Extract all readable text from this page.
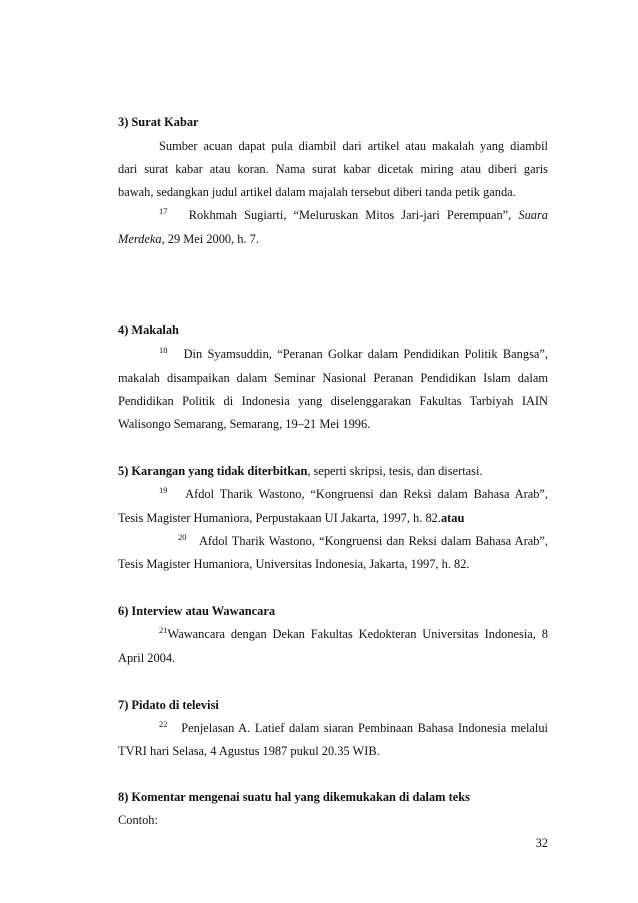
3) Surat Kabar
Sumber acuan dapat pula diambil dari artikel atau makalah yang diambil
dari surat kabar atau koran. Nama surat kabar dicetak miring atau diberi garis
bawah, sedangkan judul artikel dalam majalah tersebut diberi tanda petik ganda.
$^{17}$ Rokhmah Sugiarti, “Meluruskan Mitos Jari-jari Perempuan”, Suara
Merdeka, 29 Mei 2000, h. 7.
4) Makalah
$^{18}$ Din Syamsuddin, “Peranan Golkar dalam Pendidikan Politik Bangsa”,
makalah disampaikan dalam Seminar Nasional Peranan Pendidikan Islam dalam
Pendidikan Politik di Indonesia yang diselenggarakan Fakultas Tarbiyah IAIN
Walisongo Semarang, Semarang, 19–21 Mei 1996.
5) Karangan yang tidak diterbitkan, seperti skripsi, tesis, dan disertasi.
$^{19}$ Afdol Tharik Wastono, “Kongruensi dan Reksi dalam Bahasa Arab”,
Tesis Magister Humaniora, Perpustakaan UI Jakarta, 1997, h. 82.atau
$^{20}$ Afdol Tharik Wastono, “Kongruensi dan Reksi dalam Bahasa Arab”,
Tesis Magister Humaniora, Universitas Indonesia, Jakarta, 1997, h. 82.
6) Interview atau Wawancara
$^{21}$Wawancara dengan Dekan Fakultas Kedokteran Universitas Indonesia, 8
April 2004.
7) Pidato di televisi
$^{22}$ Penjelasan A. Latief dalam siaran Pembinaan Bahasa Indonesia melalui
TVRI hari Selasa, 4 Agustus 1987 pukul 20.35 WIB.
8) Komentar mengenai suatu hal yang dikemukakan di dalam teks
Contoh:
32
